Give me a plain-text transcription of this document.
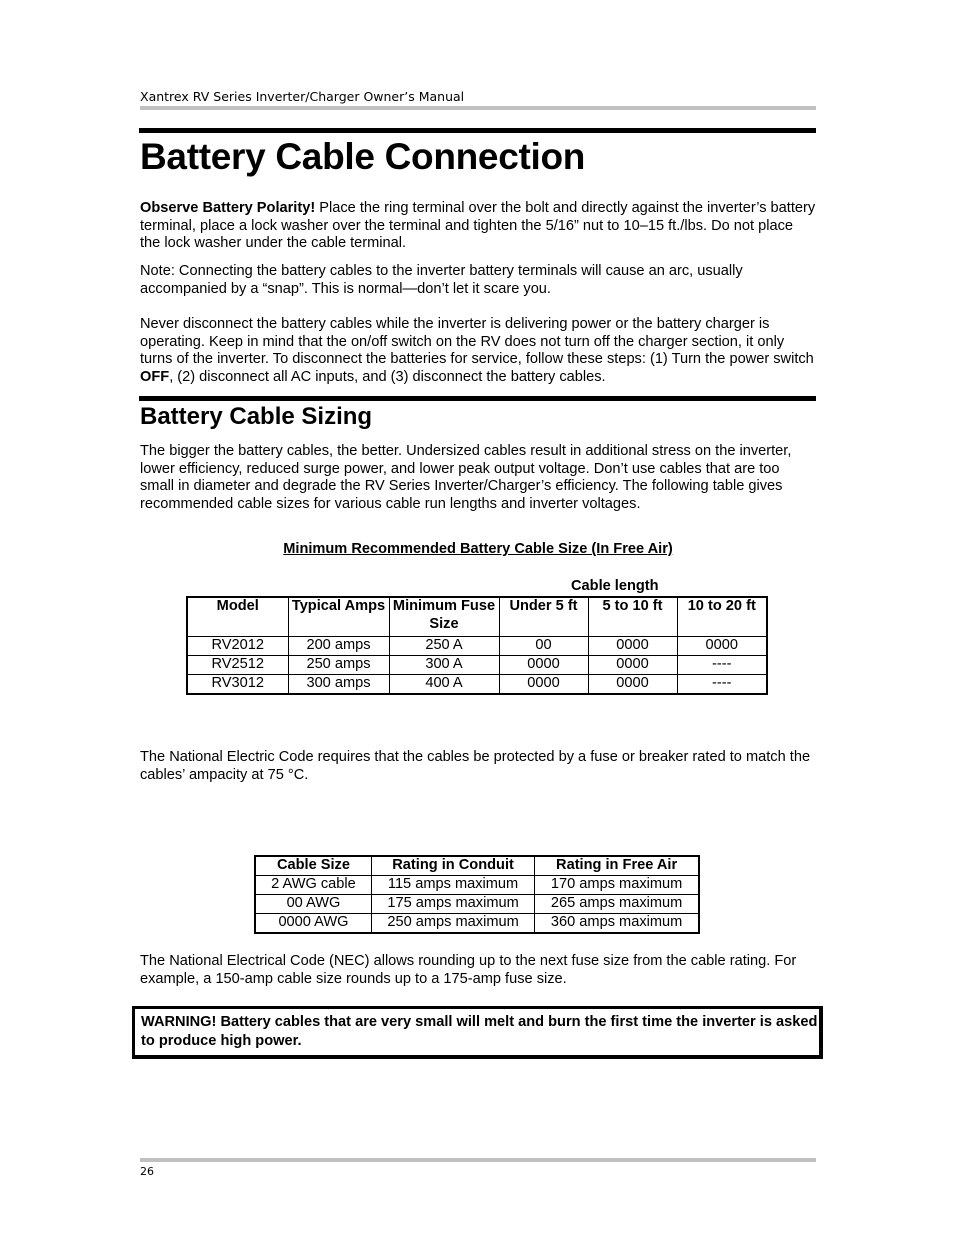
Xantrex RV Series Inverter/Charger Owner’s Manual
Battery Cable Connection

Observe Battery Polarity! Place the ring terminal over the bolt and directly against the inverter’s battery terminal, place a lock washer over the terminal and tighten the 5/16” nut to 10–15 ft./lbs. Do not place the lock washer under the cable terminal.

Note: Connecting the battery cables to the inverter battery terminals will cause an arc, usually accompanied by a “snap”. This is normal—don’t let it scare you.

Never disconnect the battery cables while the inverter is delivering power or the battery charger is operating. Keep in mind that the on/off switch on the RV does not turn off the charger section, it only turns of the inverter. To disconnect the batteries for service, follow these steps: (1) Turn the power switch OFF, (2) disconnect all AC inputs, and (3) disconnect the battery cables.

Battery Cable Sizing

The bigger the battery cables, the better. Undersized cables result in additional stress on the inverter, lower efficiency, reduced surge power, and lower peak output voltage. Don’t use cables that are too small in diameter and degrade the RV Series Inverter/Charger’s efficiency. The following table gives recommended cable sizes for various cable run lengths and inverter voltages.

Minimum Recommended Battery Cable Size (In Free Air)
Cable length
Model	Typical Amps	Minimum Fuse Size	Under 5 ft	5 to 10 ft	10 to 20 ft
RV2012	200 amps	250 A	00	0000	0000
RV2512	250 amps	300 A	0000	0000	----
RV3012	300 amps	400 A	0000	0000	----

The National Electric Code requires that the cables be protected by a fuse or breaker rated to match the cables’ ampacity at 75 °C.

Cable Size	Rating in Conduit	Rating in Free Air
2 AWG cable	115 amps maximum	170 amps maximum
00 AWG	175 amps maximum	265 amps maximum
0000 AWG	250 amps maximum	360 amps maximum

The National Electrical Code (NEC) allows rounding up to the next fuse size from the cable rating. For example, a 150-amp cable size rounds up to a 175-amp fuse size.

WARNING! Battery cables that are very small will melt and burn the first time the inverter is asked to produce high power.
26
